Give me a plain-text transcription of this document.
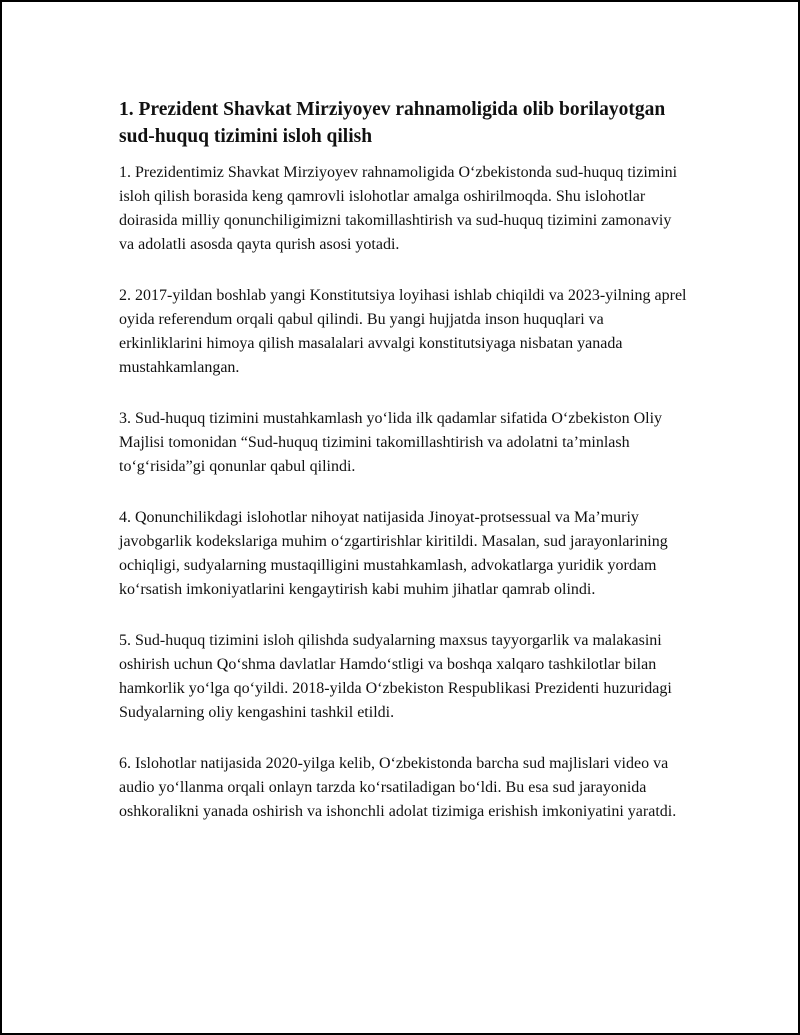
1. Prezident Shavkat Mirziyoyev rahnamoligida olib borilayotgan sud-huquq tizimini isloh qilish

1. Prezidentimiz Shavkat Mirziyoyev rahnamoligida O‘zbekistonda sud-huquq tizimini isloh qilish borasida keng qamrovli islohotlar amalga oshirilmoqda. Shu islohotlar doirasida milliy qonunchiligimizni takomillashtirish va sud-huquq tizimini zamonaviy va adolatli asosda qayta qurish asosi yotadi.

2. 2017-yildan boshlab yangi Konstitutsiya loyihasi ishlab chiqildi va 2023-yilning aprel oyida referendum orqali qabul qilindi. Bu yangi hujjatda inson huquqlari va erkinliklarini himoya qilish masalalari avvalgi konstitutsiyaga nisbatan yanada mustahkamlangan.

3. Sud-huquq tizimini mustahkamlash yo‘lida ilk qadamlar sifatida O‘zbekiston Oliy Majlisi tomonidan “Sud-huquq tizimini takomillashtirish va adolatni ta’minlash to‘g‘risida”gi qonunlar qabul qilindi.

4. Qonunchilikdagi islohotlar nihoyat natijasida Jinoyat-protsessual va Ma’muriy javobgarlik kodekslariga muhim o‘zgartirishlar kiritildi. Masalan, sud jarayonlarining ochiqligi, sudyalarning mustaqilligini mustahkamlash, advokatlarga yuridik yordam ko‘rsatish imkoniyatlarini kengaytirish kabi muhim jihatlar qamrab olindi.

5. Sud-huquq tizimini isloh qilishda sudyalarning maxsus tayyorgarlik va malakasini oshirish uchun Qo‘shma davlatlar Hamdo‘stligi va boshqa xalqaro tashkilotlar bilan hamkorlik yo‘lga qo‘yildi. 2018-yilda O‘zbekiston Respublikasi Prezidenti huzuridagi Sudyalarning oliy kengashini tashkil etildi.

6. Islohotlar natijasida 2020-yilga kelib, O‘zbekistonda barcha sud majlislari video va audio yo‘llanma orqali onlayn tarzda ko‘rsatiladigan bo‘ldi. Bu esa sud jarayonida oshkoralikni yanada oshirish va ishonchli adolat tizimiga erishish imkoniyatini yaratdi.
